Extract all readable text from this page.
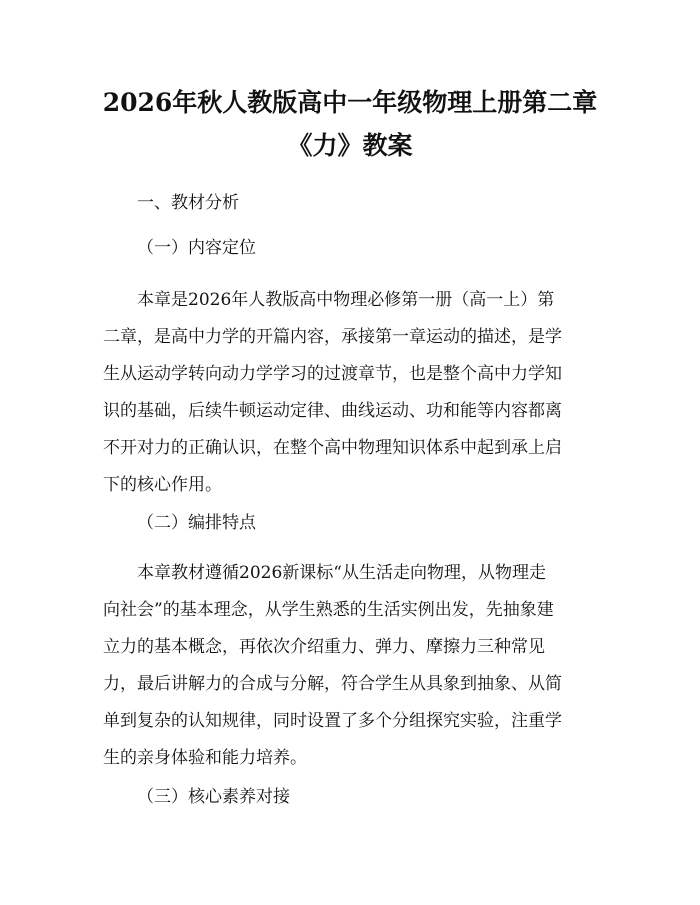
2026年秋人教版高中一年级物理上册第二章
《力》教案
一、教材分析
（一）内容定位
本章是2026年人教版高中物理必修第一册（高一上）第
二章，是高中力学的开篇内容，承接第一章运动的描述，是学
生从运动学转向动力学学习的过渡章节，也是整个高中力学知
识的基础，后续牛顿运动定律、曲线运动、功和能等内容都离
不开对力的正确认识，在整个高中物理知识体系中起到承上启
下的核心作用。
（二）编排特点
本章教材遵循2026新课标“从生活走向物理，从物理走
向社会”的基本理念，从学生熟悉的生活实例出发，先抽象建
立力的基本概念，再依次介绍重力、弹力、摩擦力三种常见
力，最后讲解力的合成与分解，符合学生从具象到抽象、从简
单到复杂的认知规律，同时设置了多个分组探究实验，注重学
生的亲身体验和能力培养。
（三）核心素养对接
